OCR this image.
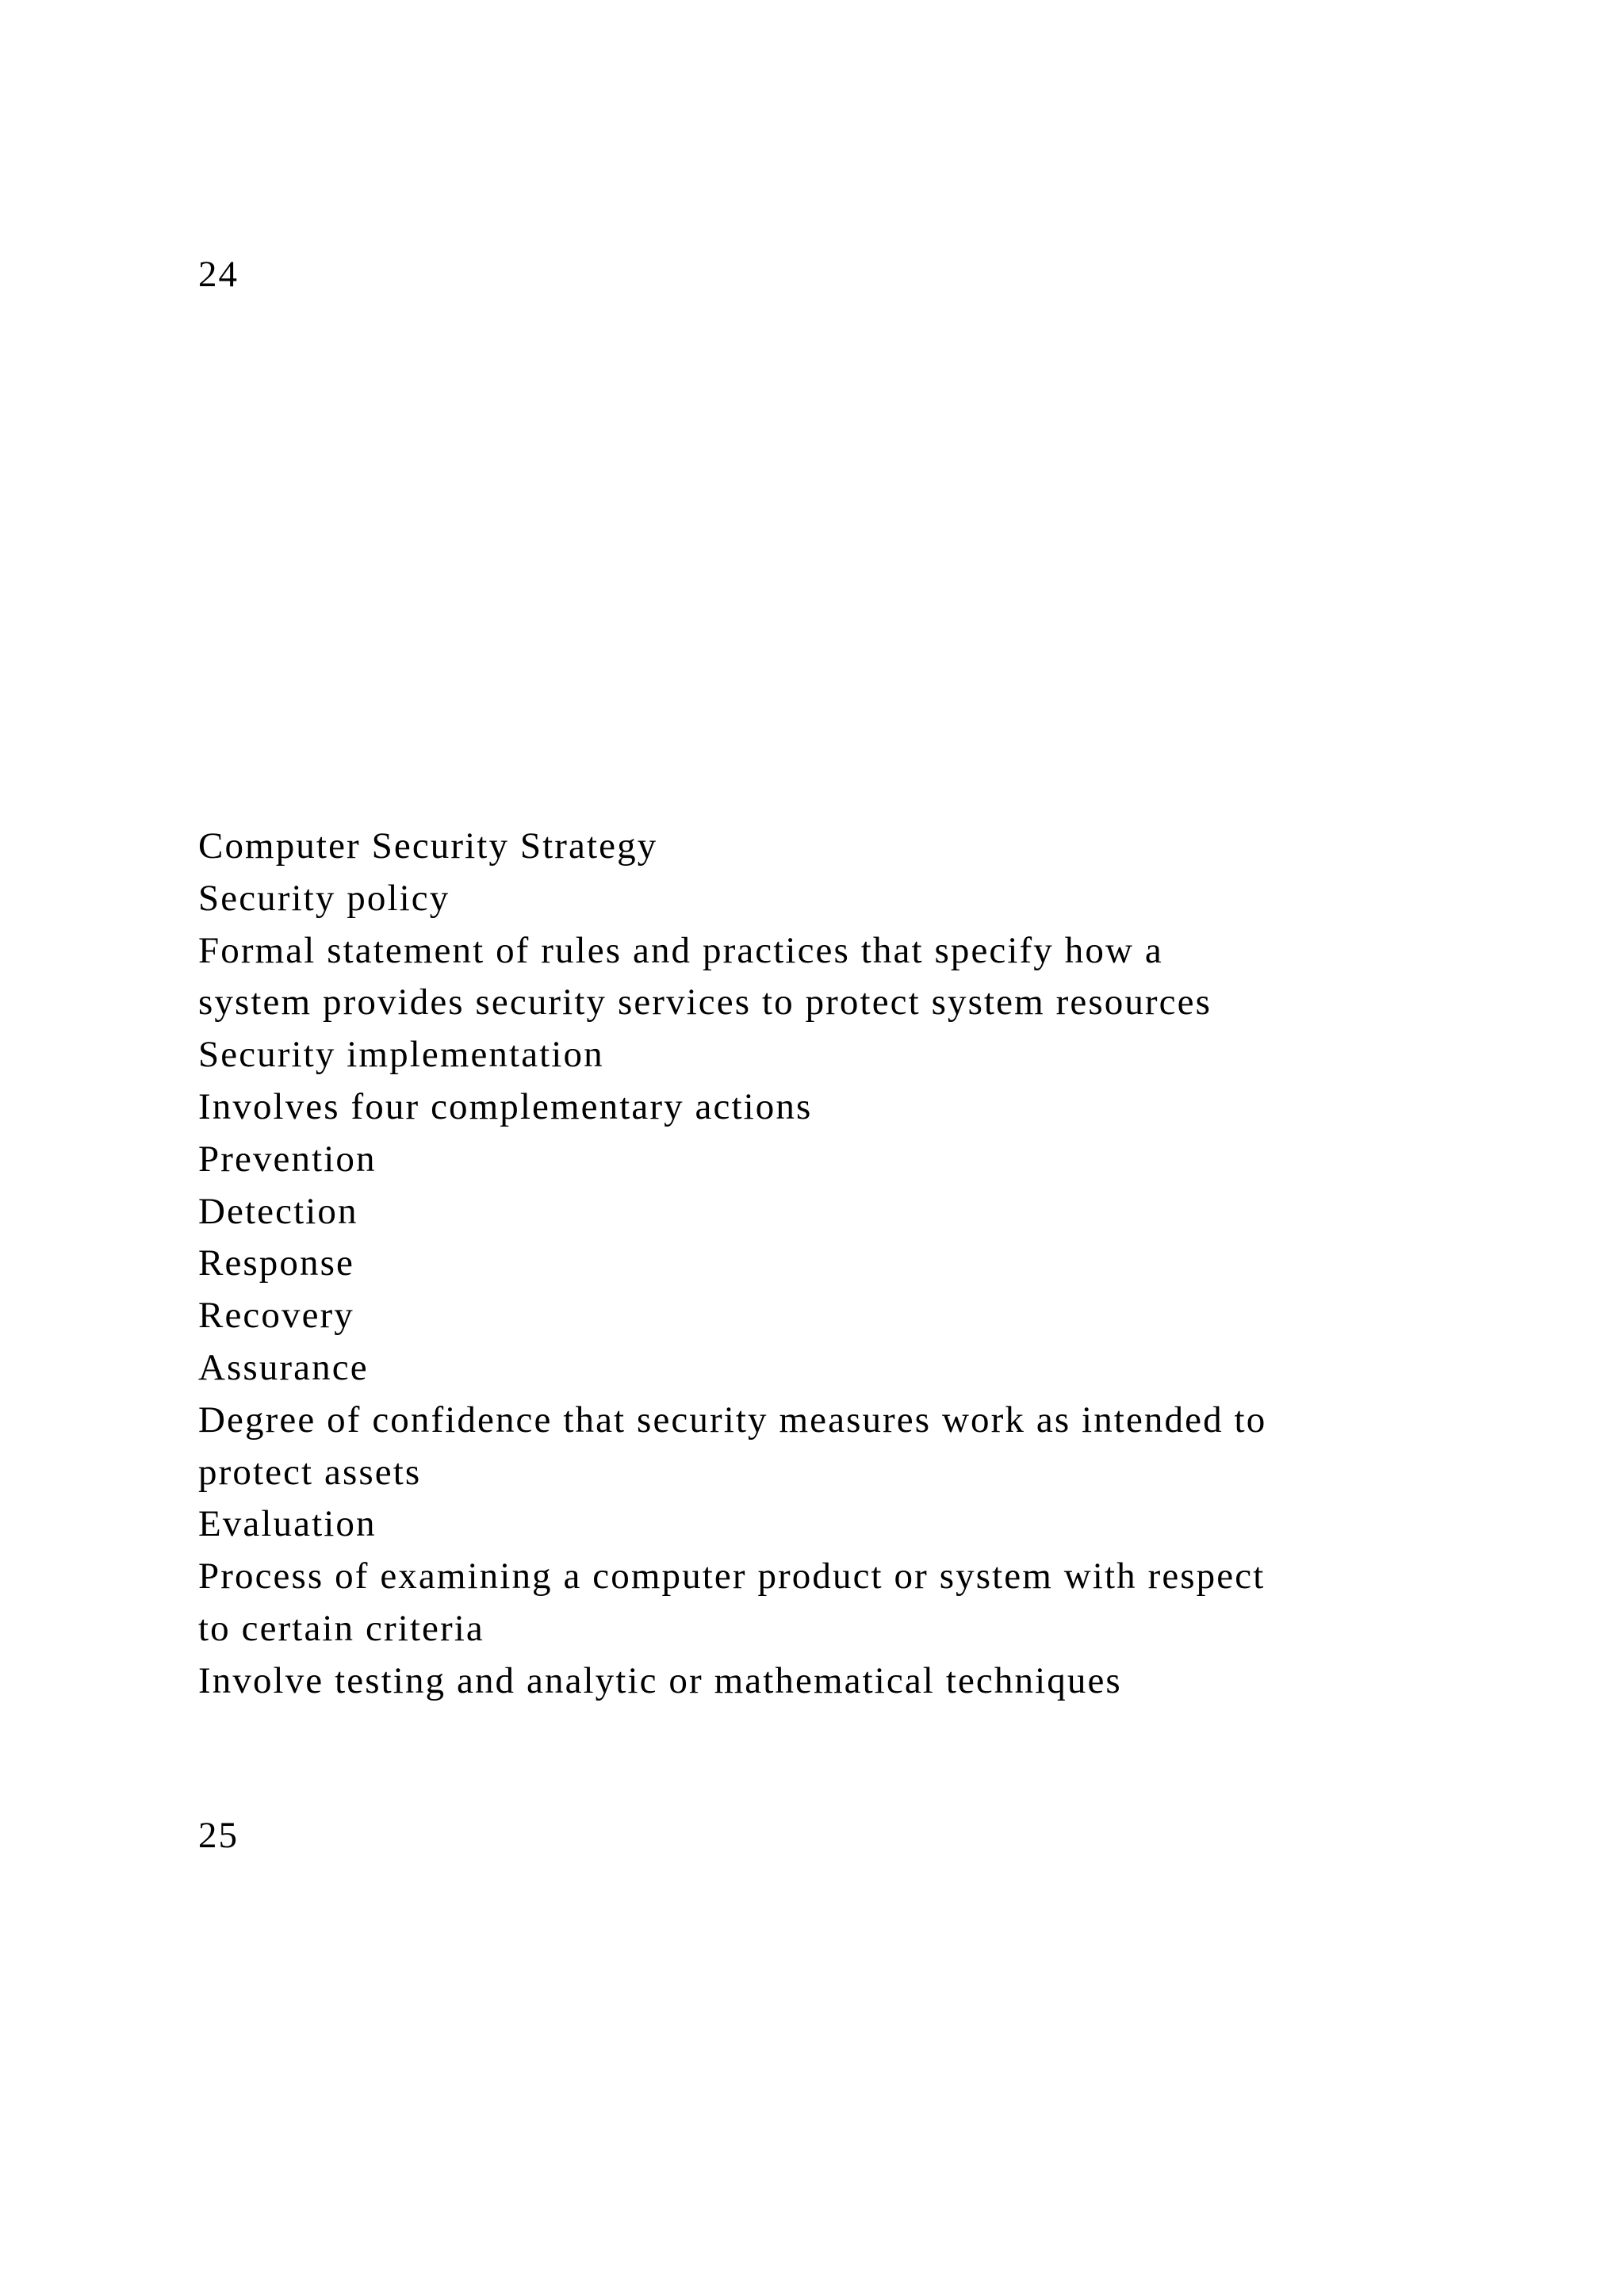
24
Computer Security Strategy
Security policy
Formal statement of rules and practices that specify how a
system provides security services to protect system resources
Security implementation
Involves four complementary actions
Prevention
Detection
Response
Recovery
Assurance
Degree of confidence that security measures work as intended to
protect assets
Evaluation
Process of examining a computer product or system with respect
to certain criteria
Involve testing and analytic or mathematical techniques
25
